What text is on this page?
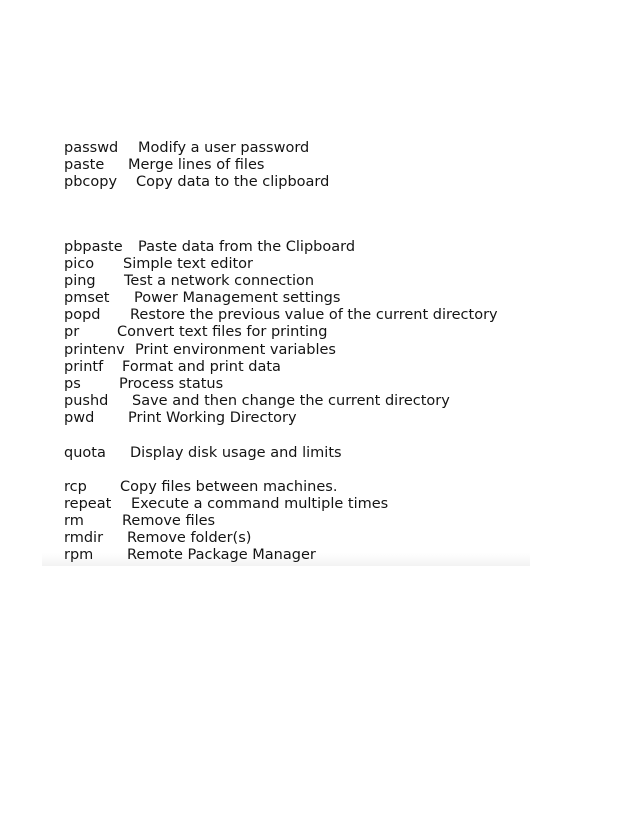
passwd Modify a user password
paste Merge lines of files
pbcopy Copy data to the clipboard
pbpaste Paste data from the Clipboard
pico Simple text editor
ping Test a network connection
pmset Power Management settings
popd Restore the previous value of the current directory
pr	Convert text files for printing
printenv Print environment variables
printf Format and print data
ps	Process status
pushd Save and then change the current directory
pwd Print Working Directory
quota Display disk usage and limits
rcp Copy files between machines.
repeat Execute a command multiple times
rm	Remove files
rmdir Remove folder(s)
rpm Remote Package Manager
